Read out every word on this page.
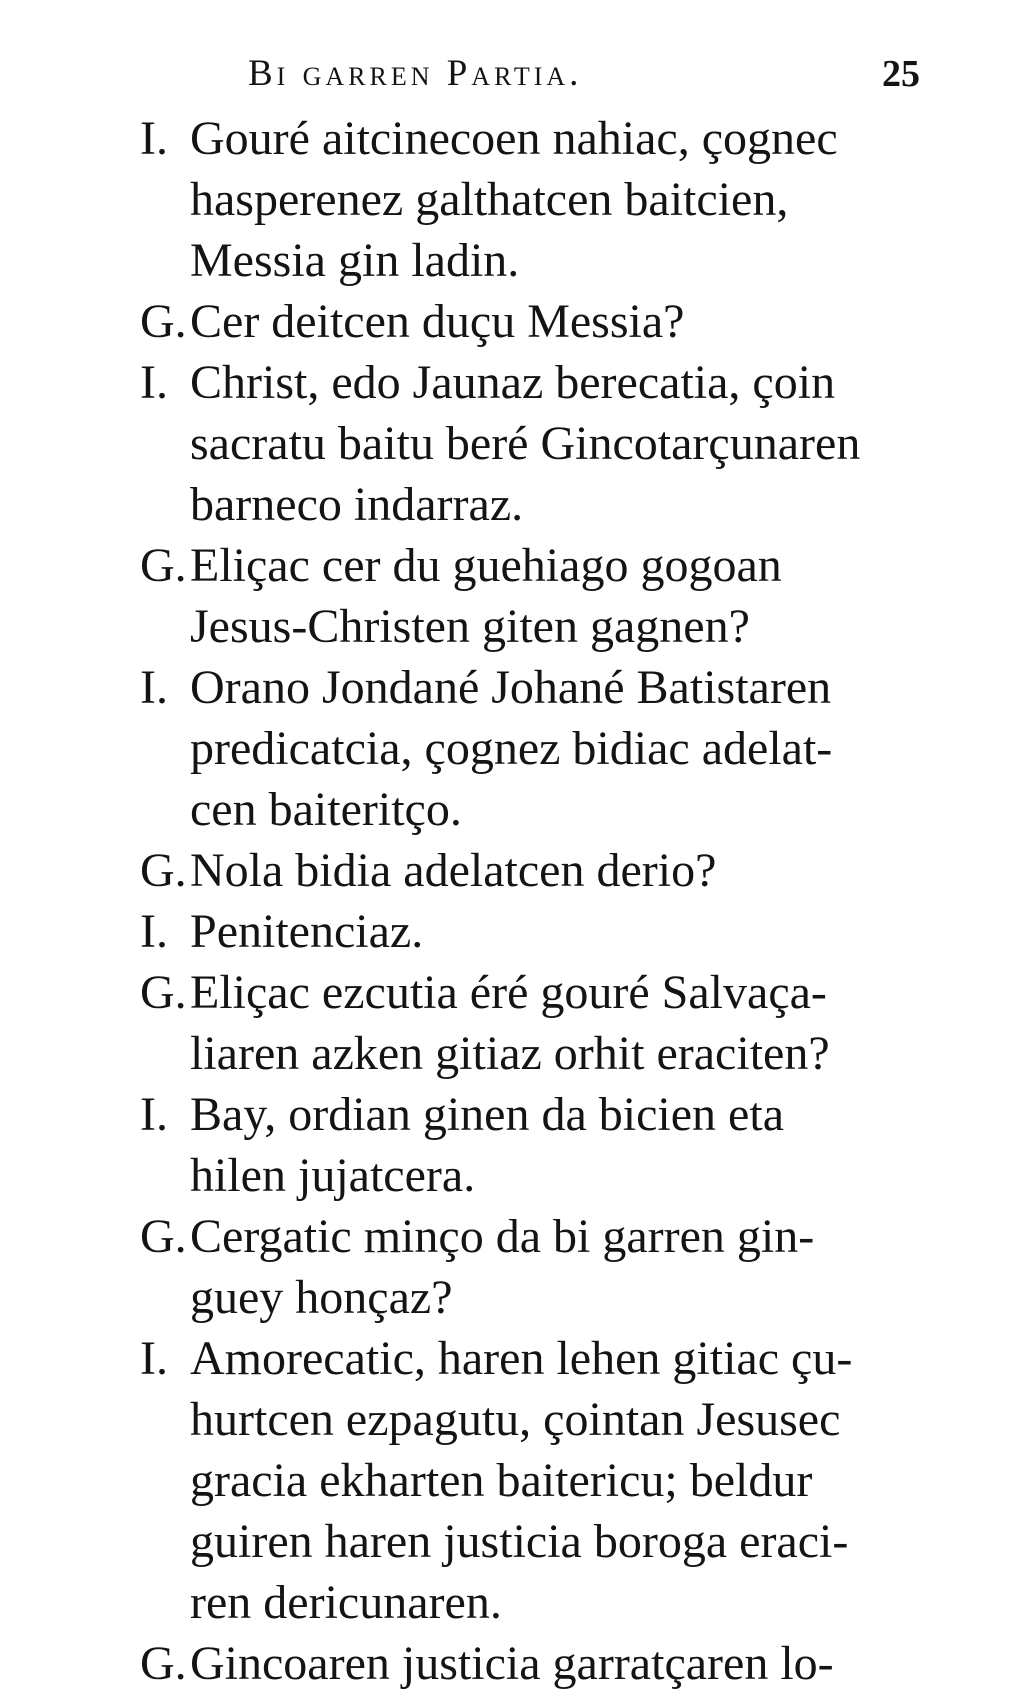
Bi garren Partia.	25
I. Gouré aitcinecoen nahiac, çognec
hasperenez galthatcen baitcien,
Messia gin ladin.
G. Cer deitcen duçu Messia?
I. Christ, edo Jaunaz berecatia, çoin
sacratu baitu beré Gincotarçunaren
barneco indarraz.
G. Eliçac cer du guehiago gogoan
Jesus-Christen giten gagnen?
I. Orano Jondané Johané Batistaren
predicatcia, çognez bidiac adelat-
cen baiteritço.
G. Nola bidia adelatcen derio?
I. Penitenciaz.
G. Eliçac ezcutia éré gouré Salvaça-
liaren azken gitiaz orhit eraciten?
I. Bay, ordian ginen da bicien eta
hilen jujatcera.
G. Cergatic minço da bi garren gin-
guey honçaz?
I. Amorecatic, haren lehen gitiac çu-
hurtcen ezpagutu, çointan Jesusec
gracia ekharten baitericu; beldur
guiren haren justicia boroga eraci-
ren dericunaren.
G. Gincoaren justicia garratçaren lo-
